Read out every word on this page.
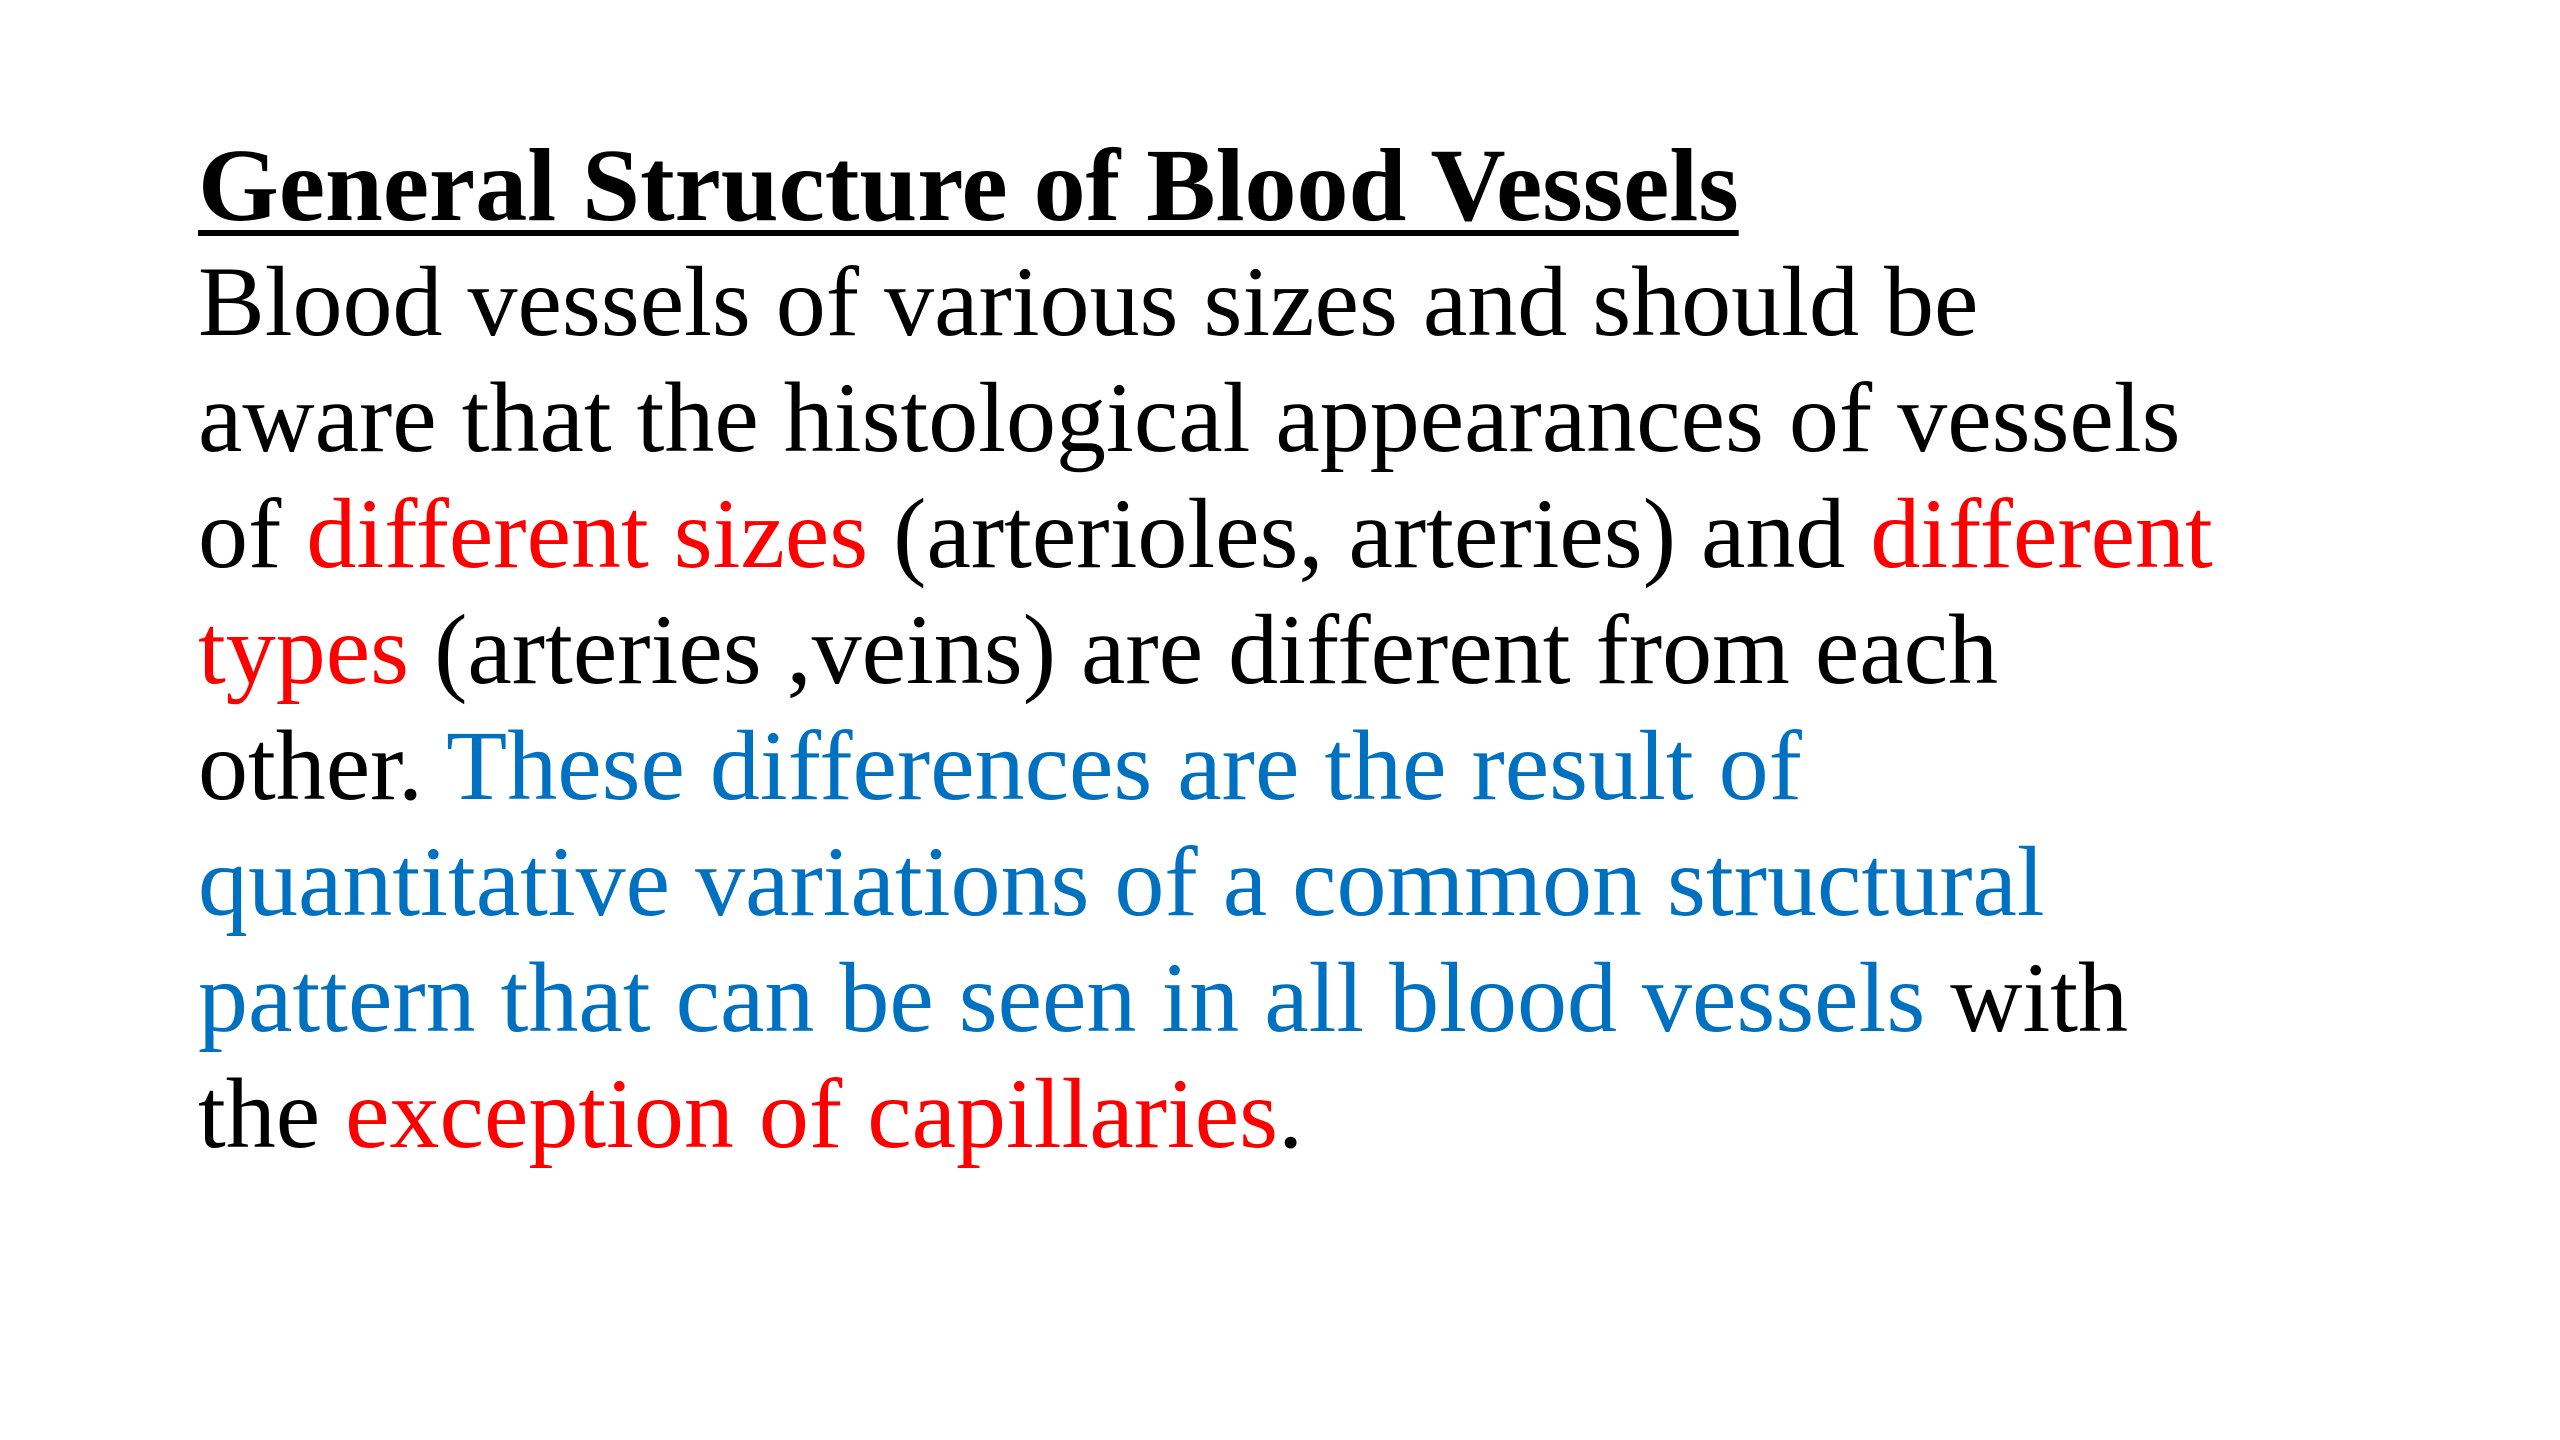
General Structure of Blood Vessels

Blood vessels of various sizes and should be
aware that the histological appearances of vessels
of different sizes (arterioles, arteries) and different
types (arteries ,veins) are different from each
other. These differences are the result of
quantitative variations of a common structural
pattern that can be seen in all blood vessels with
the exception of capillaries.
